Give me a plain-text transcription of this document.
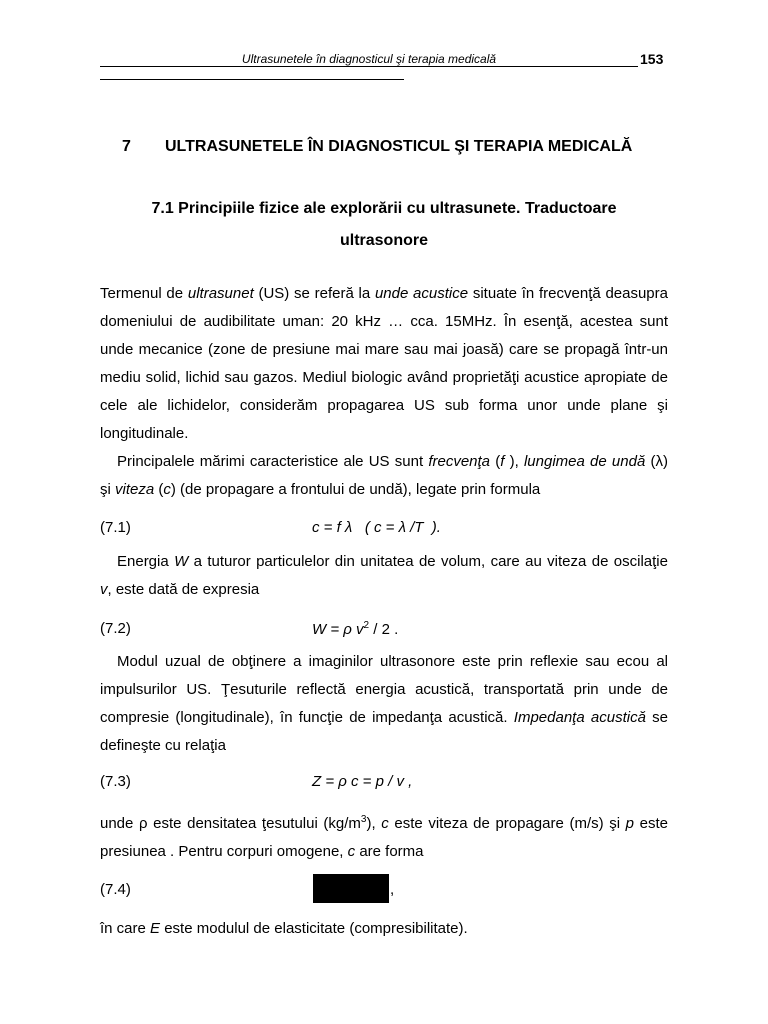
Ultrasunetele în diagnosticul şi terapia medicală	153
7 ULTRASUNETELE ÎN DIAGNOSTICUL ŞI TERAPIA MEDICALĂ
7.1 Principiile fizice ale explorării cu ultrasunete. Traductoare
ultrasonore
Termenul de ultrasunet (US) se referă la unde acustice situate în frecvenţă deasupra domeniului de audibilitate uman: 20 kHz … cca. 15MHz. În esenţă, acestea sunt unde mecanice (zone de presiune mai mare sau mai joasă) care se propagă într-un mediu solid, lichid sau gazos. Mediul biologic având proprietăţi acustice apropiate de cele ale lichidelor, considerăm propagarea US sub forma unor unde plane şi longitudinale.
Principalele mărimi caracteristice ale US sunt frecvenţa (f ), lungimea de undă (λ) şi viteza (c) (de propagare a frontului de undă), legate prin formula
(7.1)	c = f λ   ( c = λ /T  ).
Energia W a tuturor particulelor din unitatea de volum, care au viteza de oscilaţie v, este dată de expresia
(7.2)	W = ρ $v^2 / 2$ .
Modul uzual de obţinere a imaginilor ultrasonore este prin reflexie sau ecou al impulsurilor US. Ţesuturile reflectă energia acustică, transportată prin unde de compresie (longitudinale), în funcţie de impedanţa acustică. Impedanţa acustică se defineşte cu relaţia
(7.3)	Z = ρ c = p / v ,
unde ρ este densitatea ţesutului $(kg/m^3)$, c este viteza de propagare (m/s) şi p este presiunea . Pentru corpuri omogene, c are forma
(7.4)	,
în care E este modulul de elasticitate (compresibilitate).
